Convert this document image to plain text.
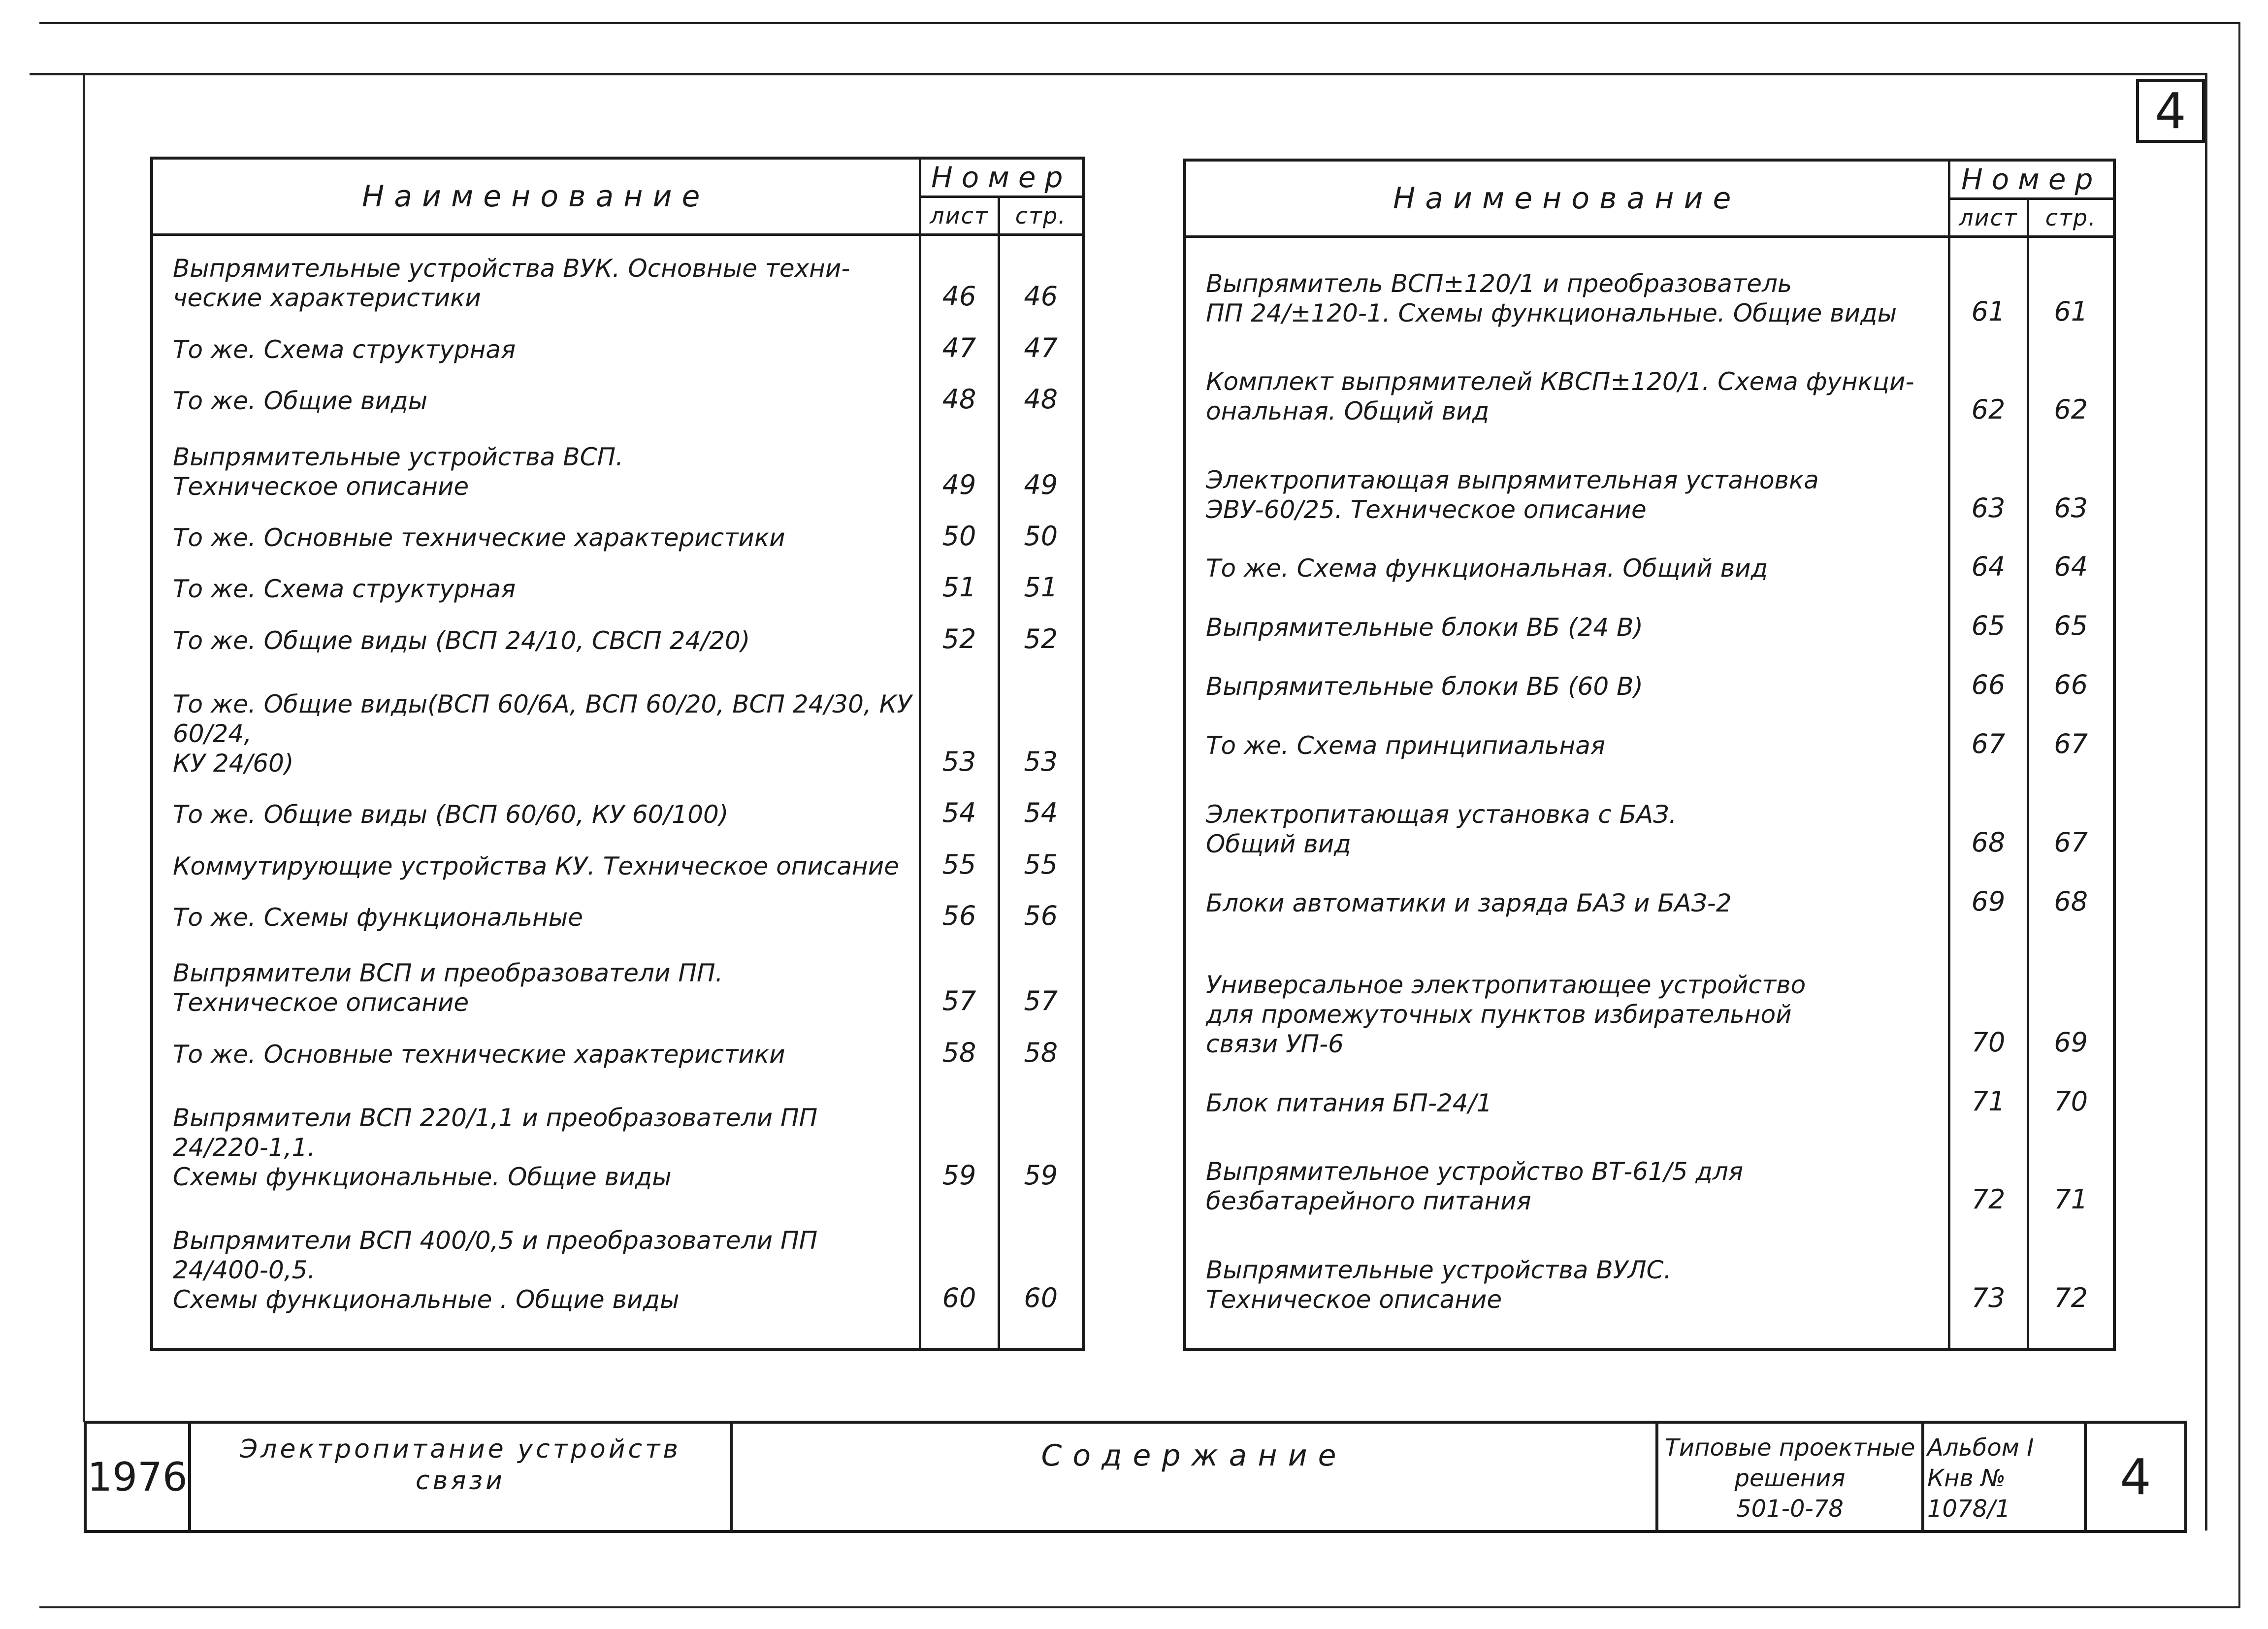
4
Наименование	Номер	
	лист	стр.
Выпрямительные устройства ВУК. Основные техни-
ческие характеристики	46	46
То же. Схема структурная	47	47
То же. Общие виды	48	48
Выпрямительные устройства ВСП.
Техническое описание	49	49
То же. Основные технические характеристики	50	50
То же. Схема структурная	51	51
То же. Общие виды (ВСП 24/10, СВСП 24/20)	52	52
То же. Общие виды(ВСП 60/6А, ВСП 60/20, ВСП 24/30, КУ 60/24,
КУ 24/60)	53	53
То же. Общие виды (ВСП 60/60, КУ 60/100)	54	54
Коммутирующие устройства КУ. Техническое описание	55	55
То же. Схемы функциональные	56	56
Выпрямители ВСП и преобразователи ПП.
Техническое описание	57	57
То же. Основные технические характеристики	58	58
Выпрямители ВСП 220/1,1 и преобразователи ПП 24/220-1,1.
Схемы функциональные. Общие виды	59	59
Выпрямители ВСП 400/0,5 и преобразователи ПП 24/400-0,5.
Схемы функциональные . Общие виды	60	60

Наименование	Номер	
	лист	стр.
Выпрямитель ВСП±120/1 и преобразователь
ПП 24/±120-1. Схемы функциональные. Общие виды	61	61
Комплект выпрямителей КВСП±120/1. Схема функци-
ональная. Общий вид	62	62
Электропитающая выпрямительная установка
ЭВУ-60/25. Техническое описание	63	63
То же. Схема функциональная. Общий вид	64	64
Выпрямительные блоки ВБ (24 В)	65	65
Выпрямительные блоки ВБ (60 В)	66	66
То же. Схема принципиальная	67	67
Электропитающая установка с БАЗ.
Общий вид	68	67
Блоки автоматики и заряда БАЗ и БАЗ-2	69	68
Универсальное электропитающее устройство
для промежуточных пунктов избирательной
связи УП-6	70	69
Блок питания БП-24/1	71	70
Выпрямительное устройство ВТ-61/5 для
безбатарейного питания	72	71
Выпрямительные устройства ВУЛС.
Техническое описание	73	72

1976
Электропитание устройств
связи
Содержание	Типовые проектные
решения
501-0-78
Альбом I
Кнв №
1078/1
4
